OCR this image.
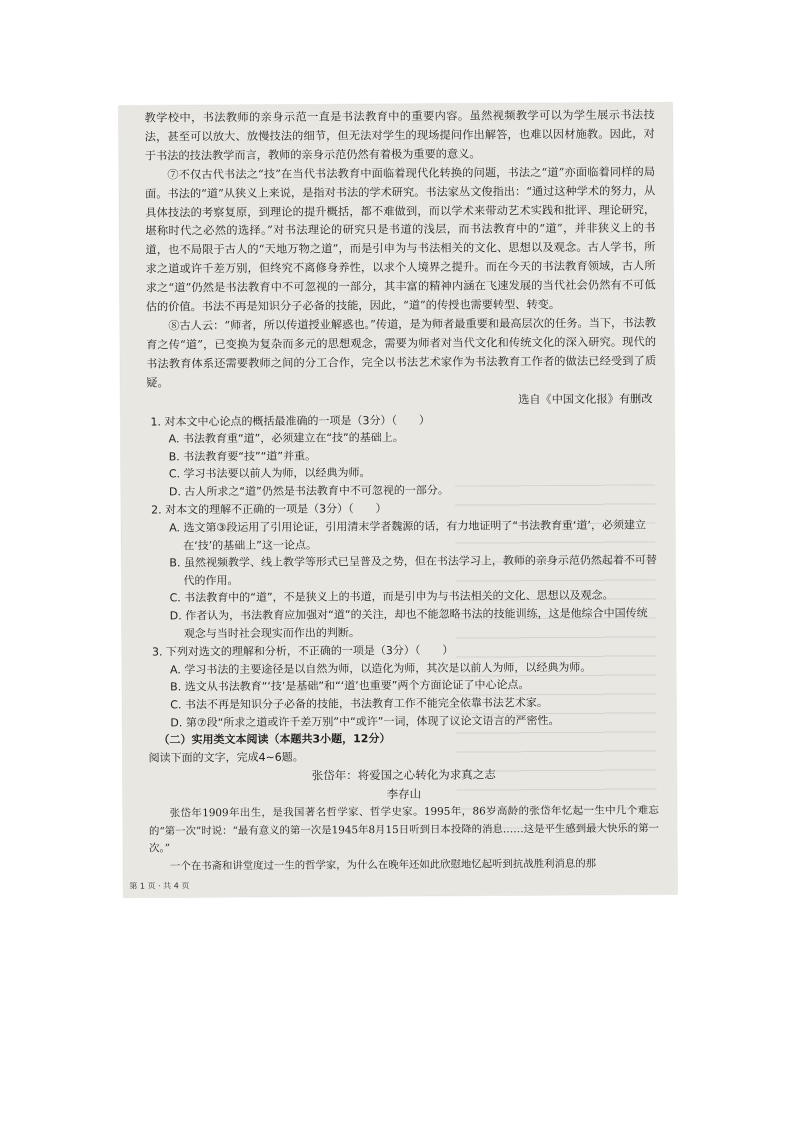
教学校中，书法教师的亲身示范一直是书法教育中的重要内容。虽然视频教学可以为学生展示书法技法，甚至可以放大、放慢技法的细节，但无法对学生的现场提问作出解答，也难以因材施教。因此，对于书法的技法教学而言，教师的亲身示范仍然有着极为重要的意义。

⑦不仅古代书法之“技”在当代书法教育中面临着现代化转换的问题，书法之“道”亦面临着同样的局面。书法的“道”从狭义上来说，是指对书法的学术研究。书法家丛文俊指出：“通过这种学术的努力，从具体技法的考察复原，到理论的提升概括，都不难做到，而以学术来带动艺术实践和批评、理论研究，堪称时代之必然的选择。”对书法理论的研究只是书道的浅层，而书法教育中的“道”，并非狭义上的书道，也不局限于古人的“天地万物之道”，而是引申为与书法相关的文化、思想以及观念。古人学书，所求之道或许千差万别，但终究不离修身养性，以求个人境界之提升。而在今天的书法教育领域，古人所求之“道”仍然是书法教育中不可忽视的一部分，其丰富的精神内涵在飞速发展的当代社会仍然有不可低估的价值。书法不再是知识分子必备的技能，因此，“道”的传授也需要转型、转变。

⑧古人云：“师者，所以传道授业解惑也。”传道，是为师者最重要和最高层次的任务。当下，书法教育之传“道”，已变换为复杂而多元的思想观念，需要为师者对当代文化和传统文化的深入研究。现代的书法教育体系还需要教师之间的分工合作，完全以书法艺术家作为书法教育工作者的做法已经受到了质疑。

选自《中国文化报》有删改

1. 对本文中心论点的概括最准确的一项是（3分）（　　）

A. 书法教育重“道”，必须建立在“技”的基础上。

B. 书法教育要“技”“道”并重。

C. 学习书法要以前人为师，以经典为师。

D. 古人所求之“道”仍然是书法教育中不可忽视的一部分。

2. 对本文的理解不正确的一项是（3分）（　　）

A. 选文第③段运用了引用论证，引用清末学者魏源的话，有力地证明了“书法教育重‘道’，必须建立在‘技’的基础上”这一论点。

B. 虽然视频教学、线上教学等形式已呈普及之势，但在书法学习上，教师的亲身示范仍然起着不可替代的作用。

C. 书法教育中的“道”，不是狭义上的书道，而是引申为与书法相关的文化、思想以及观念。

D. 作者认为，书法教育应加强对“道”的关注，却也不能忽略书法的技能训练，这是他综合中国传统观念与当时社会现实而作出的判断。

3. 下列对选文的理解和分析，不正确的一项是（3分）（　　）

A. 学习书法的主要途径是以自然为师，以造化为师，其次是以前人为师，以经典为师。

B. 选文从书法教育“‘技’是基础”和“‘道’也重要”两个方面论证了中心论点。

C. 书法不再是知识分子必备的技能，书法教育工作不能完全依靠书法艺术家。

D. 第⑦段“所求之道或许千差万别”中“或许”一词，体现了议论文语言的严密性。

（二）实用类文本阅读（本题共3小题，12分）

阅读下面的文字，完成4~6题。

张岱年：将爱国之心转化为求真之志

李存山

张岱年1909年出生，是我国著名哲学家、哲学史家。1995年，86岁高龄的张岱年忆起一生中几个难忘的“第一次”时说：“最有意义的第一次是1945年8月15日听到日本投降的消息……这是平生感到最大快乐的第一次。”

一个在书斋和讲堂度过一生的哲学家，为什么在晚年还如此欣慰地忆起听到抗战胜利消息的那

第 1 页 · 共 4 页
